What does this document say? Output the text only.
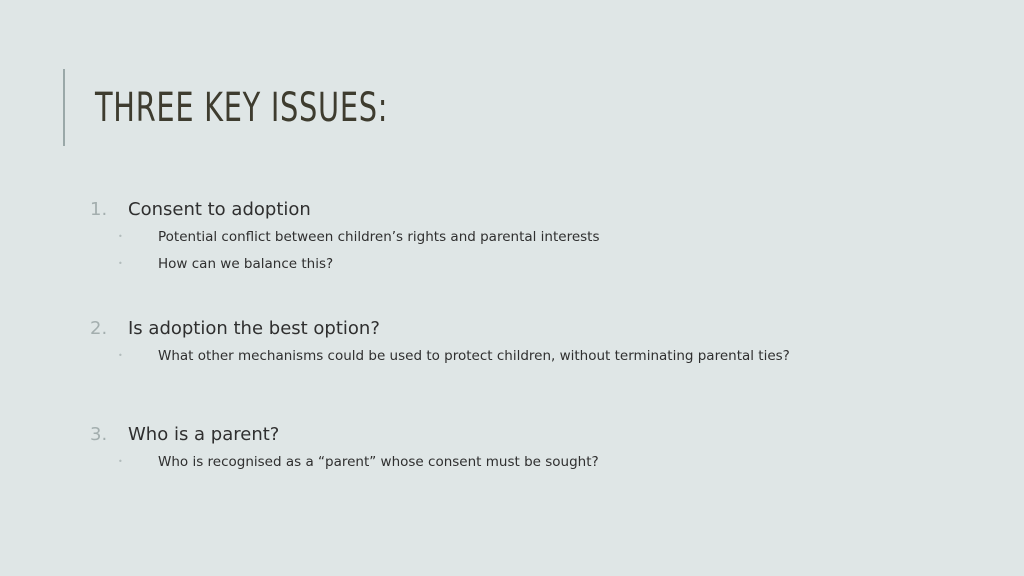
THREE KEY ISSUES:
1. Consent to adoption
•	Potential conflict between children’s rights and parental interests
•	How can we balance this?
2. Is adoption the best option?
•	What other mechanisms could be used to protect children, without terminating parental ties?
3. Who is a parent?
•	Who is recognised as a “parent” whose consent must be sought?
